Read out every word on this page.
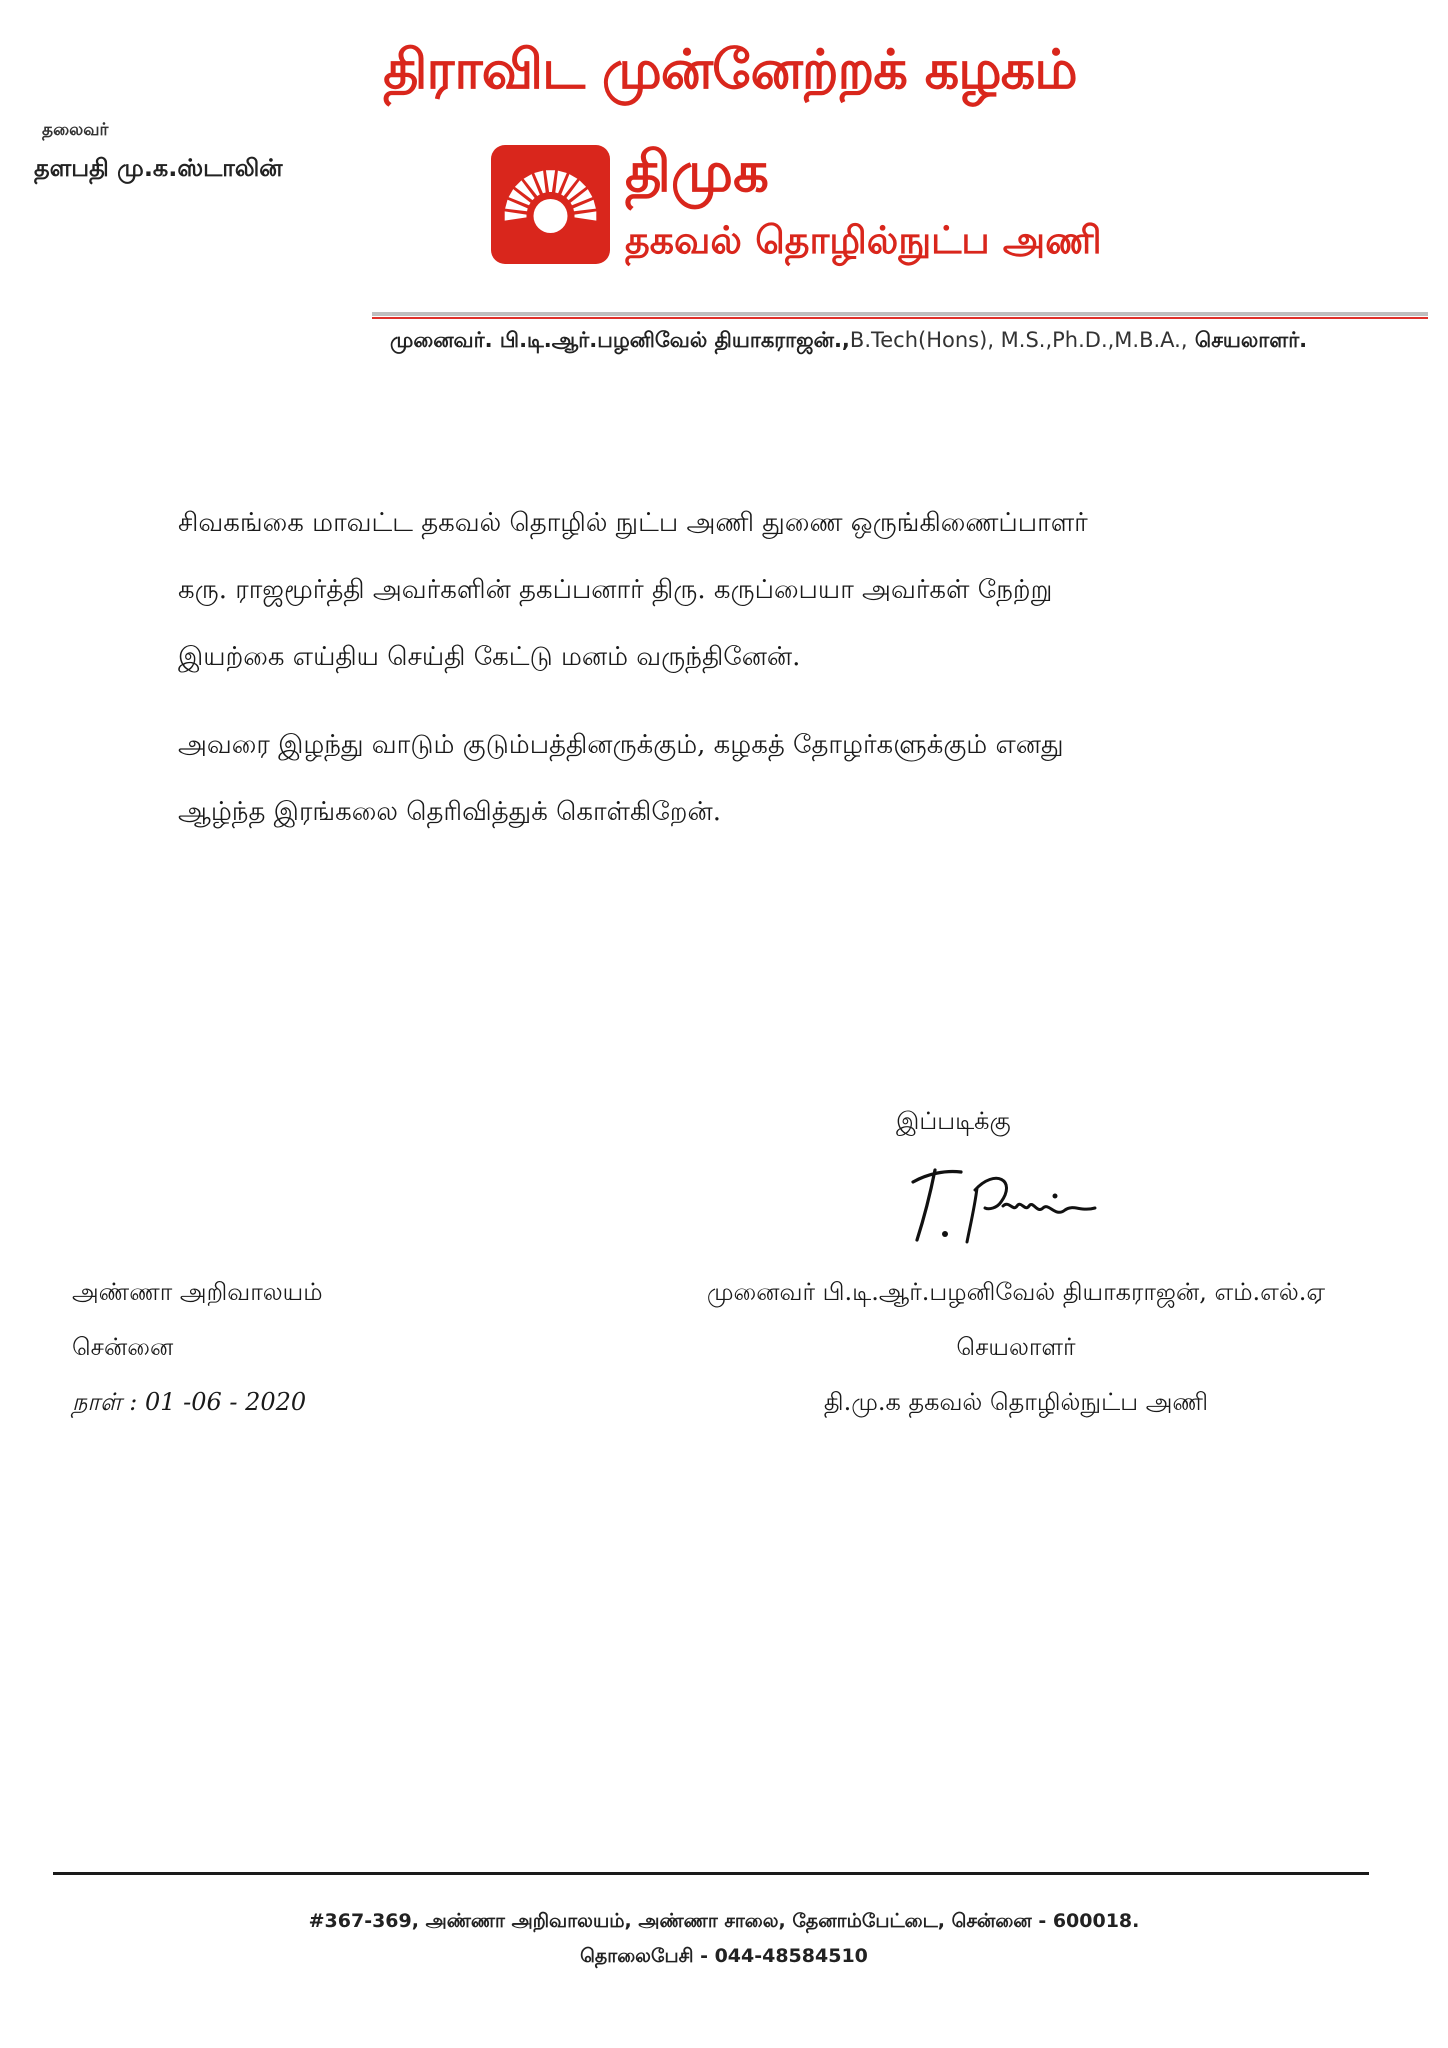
தலைவர்
தளபதி மு.க.ஸ்டாலின்
திராவிட முன்னேற்றக் கழகம்
திமுக
தகவல் தொழில்நுட்ப அணி
முனைவர். பி.டி.ஆர்.பழனிவேல் தியாகராஜன்.,B.Tech(Hons), M.S.,Ph.D.,M.B.A., செயலாளர்.
சிவகங்கை மாவட்ட தகவல் தொழில் நுட்ப அணி துணை ஒருங்கிணைப்பாளர்
கரு. ராஜமூர்த்தி அவர்களின் தகப்பனார் திரு. கருப்பையா அவர்கள் நேற்று
இயற்கை எய்திய செய்தி கேட்டு மனம் வருந்தினேன்.
அவரை இழந்து வாடும் குடும்பத்தினருக்கும், கழகத் தோழர்களுக்கும் எனது
ஆழ்ந்த இரங்கலை தெரிவித்துக் கொள்கிறேன்.
இப்படிக்கு
அண்ணா அறிவாலயம்
சென்னை
நாள் : 01 -06 - 2020
முனைவர் பி.டி.ஆர்.பழனிவேல் தியாகராஜன், எம்.எல்.ஏ
செயலாளர்
தி.மு.க தகவல் தொழில்நுட்ப அணி
#367-369, அண்ணா அறிவாலயம், அண்ணா சாலை, தேனாம்பேட்டை, சென்னை - 600018.
தொலைபேசி - 044-48584510
